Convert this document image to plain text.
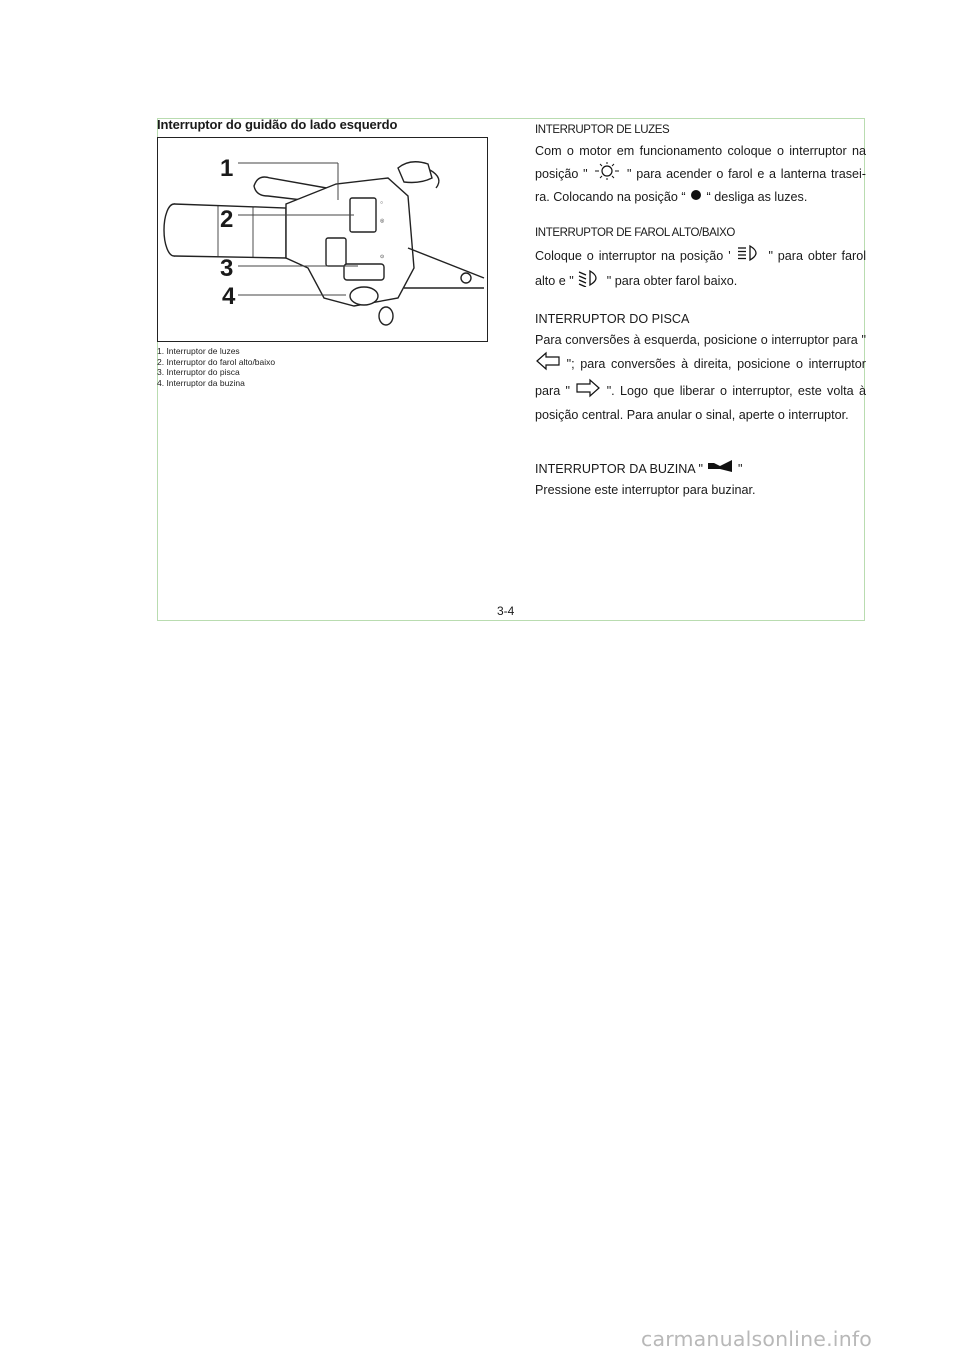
Interruptor do guidão do lado esquerdo
○
◎
⊙
1
2
3
4
1. Interruptor de luzes
2. Interruptor do farol alto/baixo
3. Interruptor do pisca
4. Interruptor da buzina
INTERRUPTOR DE LUZES
Com o motor em funcionamento coloque o interruptor na posição "	" para acender o farol e a lanterna trasei-ra. Colocando na posição “ “ desliga as luzes.
INTERRUPTOR DE FAROL ALTO/BAIXO
Coloque o interruptor na posição '	" para obter farol alto e "	" para obter farol baixo.
INTERRUPTOR DO PISCA
Para conversões à esquerda, posicione o interruptor para "  "; para conversões à direita, posicione o interruptor para "	". Logo que liberar o interruptor, este volta à posição central. Para anular o sinal, aperte o interruptor.
INTERRUPTOR DA BUZINA "	"
Pressione este interruptor para buzinar.
3-4
carmanualsonline.info
